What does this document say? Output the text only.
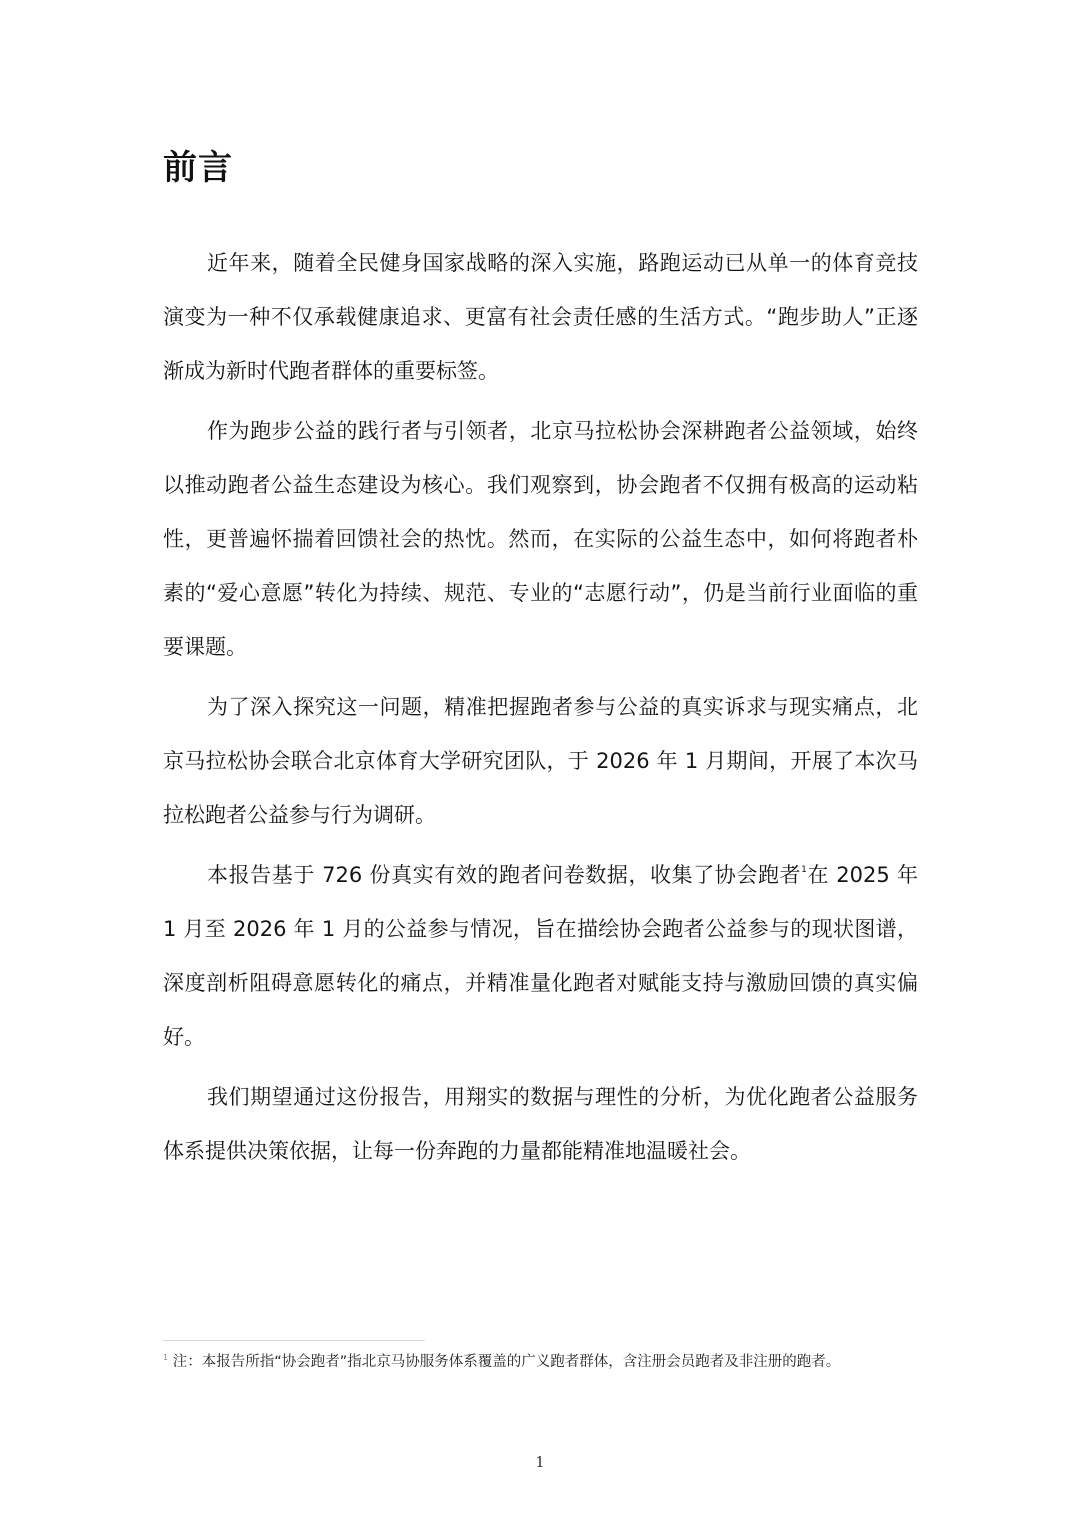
前言

近年来，随着全民健身国家战略的深入实施，路跑运动已从单一的体育竞技演变为一种不仅承载健康追求、更富有社会责任感的生活方式。“跑步助人”正逐渐成为新时代跑者群体的重要标签。

作为跑步公益的践行者与引领者，北京马拉松协会深耕跑者公益领域，始终以推动跑者公益生态建设为核心。我们观察到，协会跑者不仅拥有极高的运动粘性，更普遍怀揣着回馈社会的热忱。然而，在实际的公益生态中，如何将跑者朴素的“爱心意愿”转化为持续、规范、专业的“志愿行动”，仍是当前行业面临的重要课题。

为了深入探究这一问题，精准把握跑者参与公益的真实诉求与现实痛点，北京马拉松协会联合北京体育大学研究团队，于 2026 年 1 月期间，开展了本次马拉松跑者公益参与行为调研。

本报告基于 726 份真实有效的跑者问卷数据，收集了协会跑者$^1$在 2025 年 1 月至 2026 年 1 月的公益参与情况，旨在描绘协会跑者公益参与的现状图谱，深度剖析阻碍意愿转化的痛点，并精准量化跑者对赋能支持与激励回馈的真实偏好。

我们期望通过这份报告，用翔实的数据与理性的分析，为优化跑者公益服务体系提供决策依据，让每一份奔跑的力量都能精准地温暖社会。

$^1$ 注：本报告所指“协会跑者”指北京马协服务体系覆盖的广义跑者群体，含注册会员跑者及非注册的跑者。

1
